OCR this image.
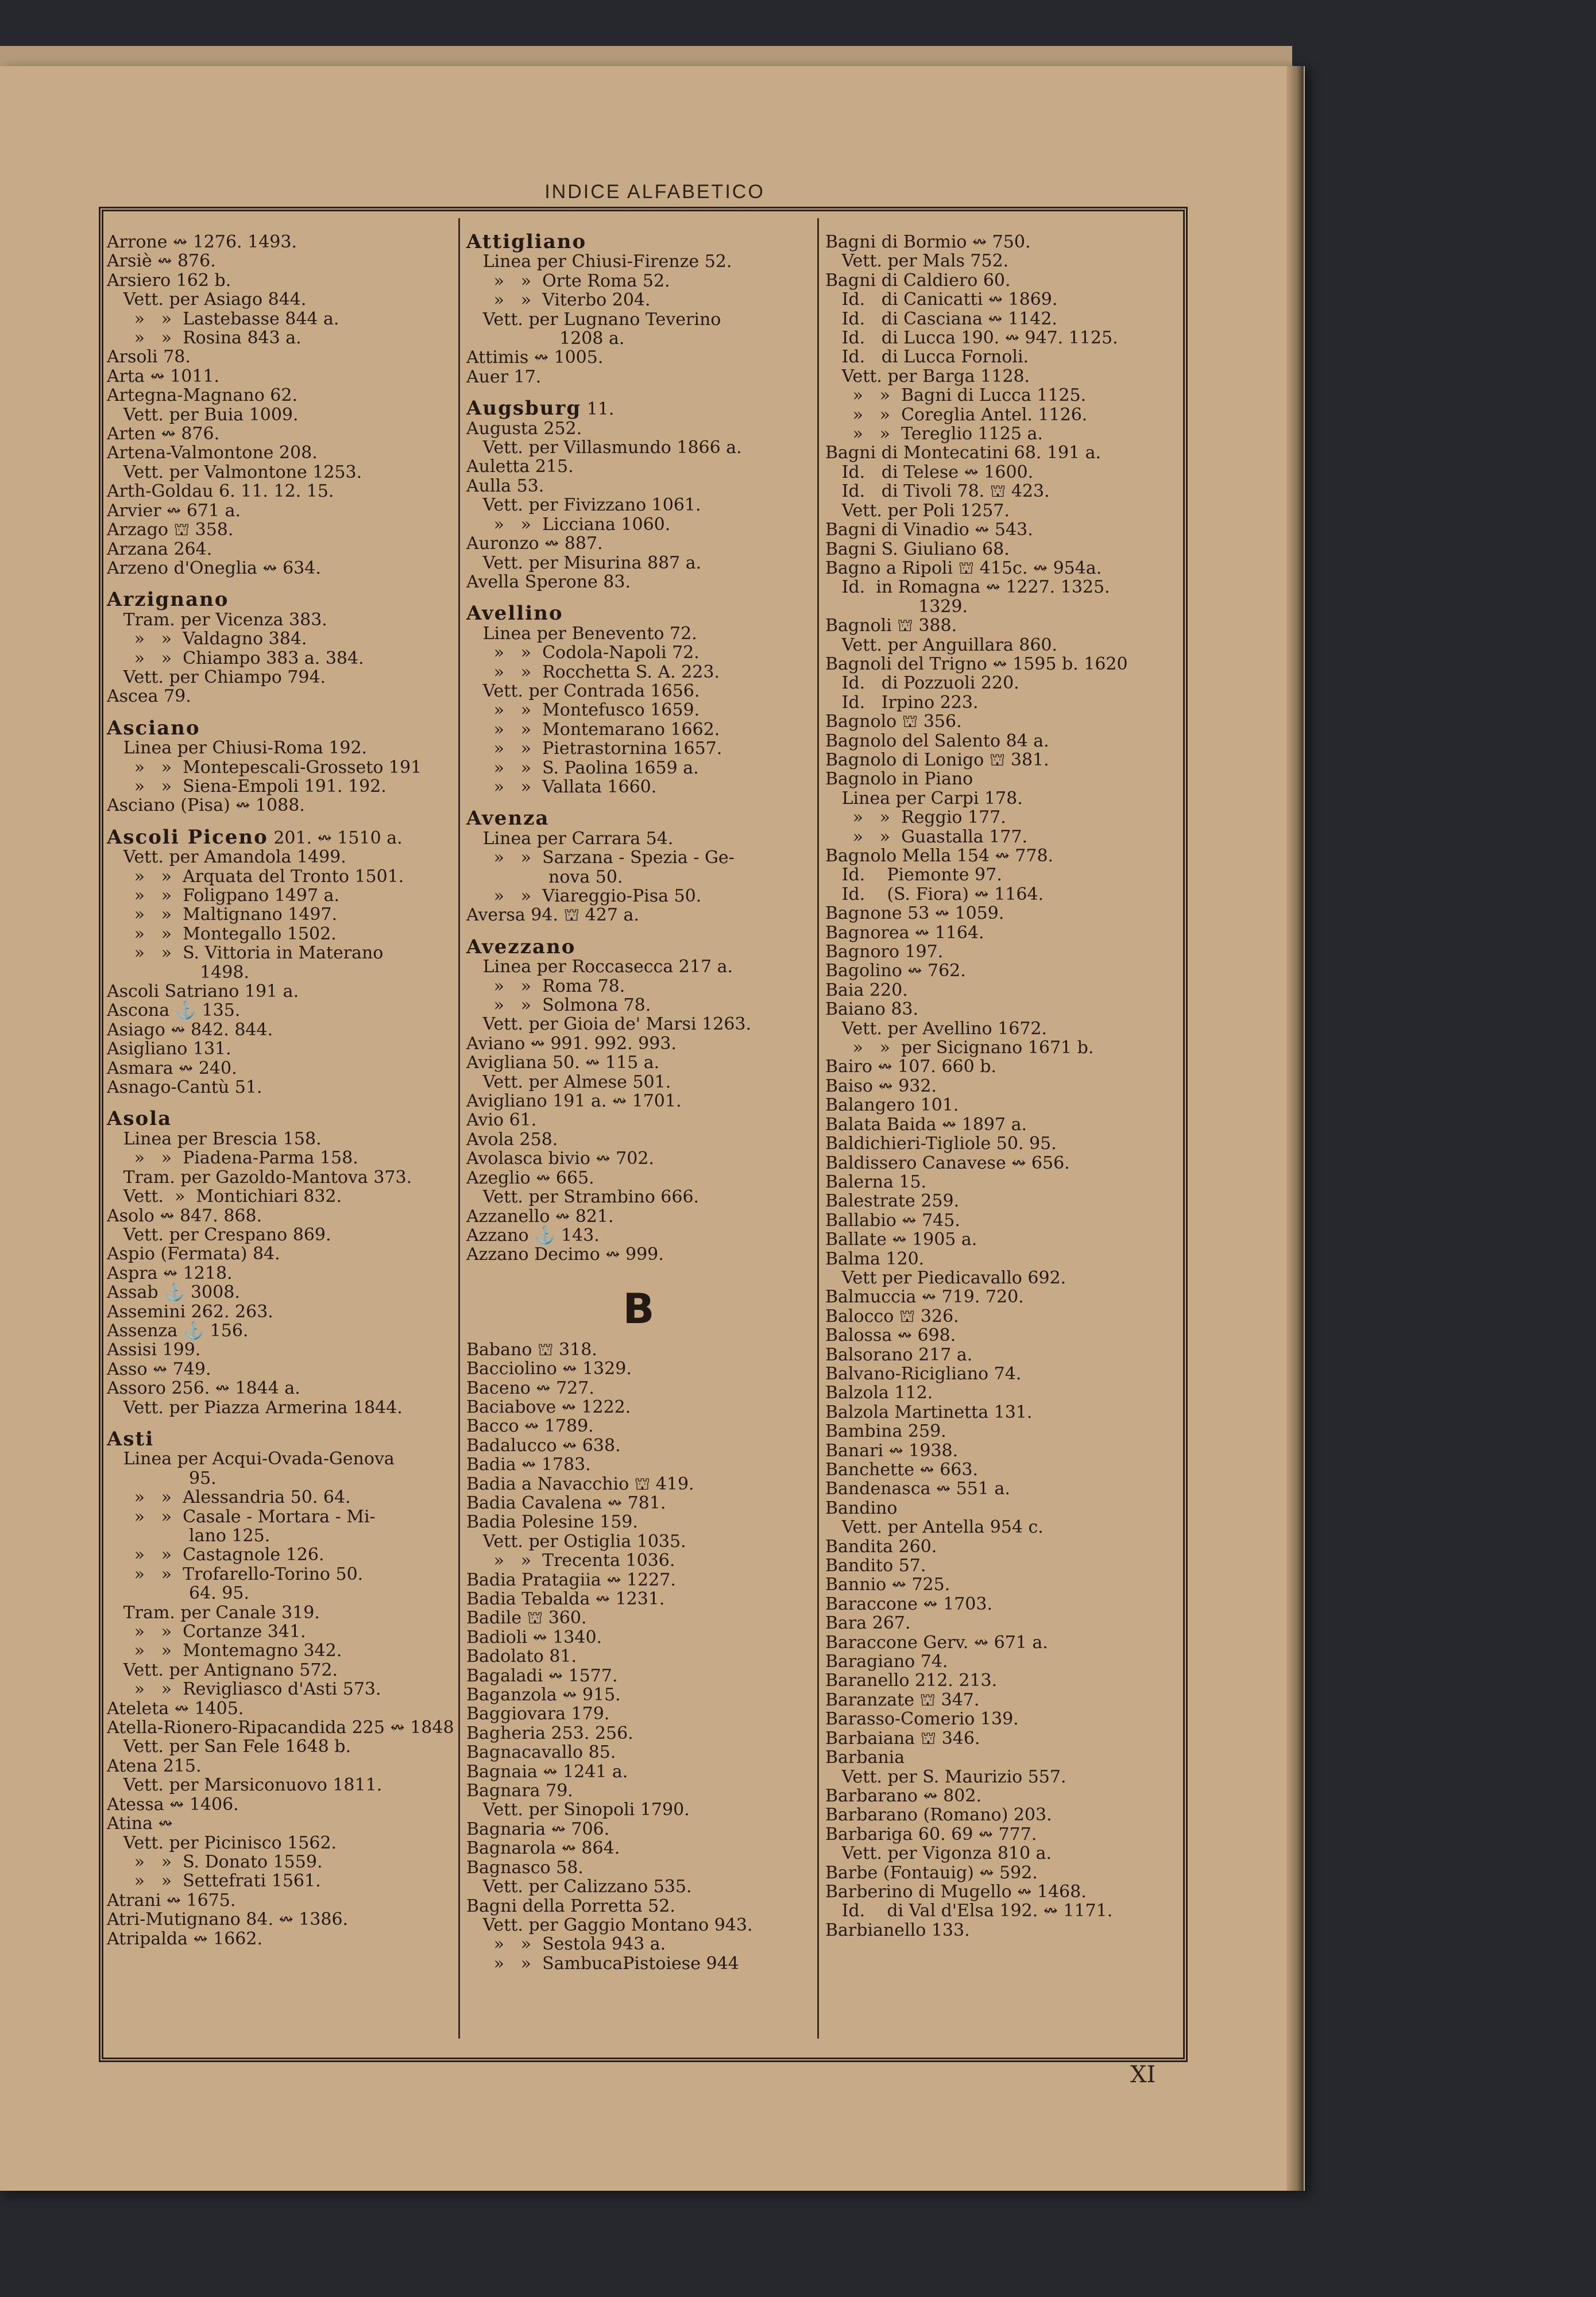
INDICE ALFABETICO
Arrone ↭ 1276. 1493.
Arsiè ↭ 876.
Arsiero 162 b.
Vett. per Asiago 844.
»   »  Lastebasse 844 a.
»   »  Rosina 843 a.
Arsoli 78.
Arta ↭ 1011.
Artegna-Magnano 62.
Vett. per Buia 1009.
Arten ↭ 876.
Artena-Valmontone 208.
Vett. per Valmontone 1253.
Arth-Goldau 6. 11. 12. 15.
Arvier ↭ 671 a.
Arzago ⛫ 358.
Arzana 264.
Arzeno d'Oneglia ↭ 634.
Arzignano
Tram. per Vicenza 383.
»   »  Valdagno 384.
»   »  Chiampo 383 a. 384.
Vett. per Chiampo 794.
Ascea 79.
Asciano
Linea per Chiusi-Roma 192.
»   »  Montepescali-Grosseto 191
»   »  Siena-Empoli 191. 192.
Asciano (Pisa) ↭ 1088.
Ascoli Piceno 201. ↭ 1510 a.
Vett. per Amandola 1499.
»   »  Arquata del Tronto 1501.
»   »  Foligpano 1497 a.
»   »  Maltignano 1497.
»   »  Montegallo 1502.
»   »  S. Vittoria in Materano
1498.
Ascoli Satriano 191 a.
Ascona ⚓ 135.
Asiago ↭ 842. 844.
Asigliano 131.
Asmara ↭ 240.
Asnago-Cantù 51.
Asola
Linea per Brescia 158.
»   »  Piadena-Parma 158.
Tram. per Gazoldo-Mantova 373.
Vett.  »  Montichiari 832.
Asolo ↭ 847. 868.
Vett. per Crespano 869.
Aspio (Fermata) 84.
Aspra ↭ 1218.
Assab ⚓ 3008.
Assemini 262. 263.
Assenza ⚓ 156.
Assisi 199.
Asso ↭ 749.
Assoro 256. ↭ 1844 a.
Vett. per Piazza Armerina 1844.
Asti
Linea per Acqui-Ovada-Genova
95.
»   »  Alessandria 50. 64.
»   »  Casale - Mortara - Mi-
lano 125.
»   »  Castagnole 126.
»   »  Trofarello-Torino 50.
64. 95.
Tram. per Canale 319.
»   »  Cortanze 341.
»   »  Montemagno 342.
Vett. per Antignano 572.
»   »  Revigliasco d'Asti 573.
Ateleta ↭ 1405.
Atella-Rionero-Ripacandida 225 ↭ 1848
Vett. per San Fele 1648 b.
Atena 215.
Vett. per Marsiconuovo 1811.
Atessa ↭ 1406.
Atina ↭
Vett. per Picinisco 1562.
»   »  S. Donato 1559.
»   »  Settefrati 1561.
Atrani ↭ 1675.
Atri-Mutignano 84. ↭ 1386.
Atripalda ↭ 1662.
Attigliano
Linea per Chiusi-Firenze 52.
»   »  Orte Roma 52.
»   »  Viterbo 204.
Vett. per Lugnano Teverino
1208 a.
Attimis ↭ 1005.
Auer 17.
Augsburg 11.
Augusta 252.
Vett. per Villasmundo 1866 a.
Auletta 215.
Aulla 53.
Vett. per Fivizzano 1061.
»   »  Licciana 1060.
Auronzo ↭ 887.
Vett. per Misurina 887 a.
Avella Sperone 83.
Avellino
Linea per Benevento 72.
»   »  Codola-Napoli 72.
»   »  Rocchetta S. A. 223.
Vett. per Contrada 1656.
»   »  Montefusco 1659.
»   »  Montemarano 1662.
»   »  Pietrastornina 1657.
»   »  S. Paolina 1659 a.
»   »  Vallata 1660.
Avenza
Linea per Carrara 54.
»   »  Sarzana - Spezia - Ge-
nova 50.
»   »  Viareggio-Pisa 50.
Aversa 94. ⛫ 427 a.
Avezzano
Linea per Roccasecca 217 a.
»   »  Roma 78.
»   »  Solmona 78.
Vett. per Gioia de' Marsi 1263.
Aviano ↭ 991. 992. 993.
Avigliana 50. ↭ 115 a.
Vett. per Almese 501.
Avigliano 191 a. ↭ 1701.
Avio 61.
Avola 258.
Avolasca bivio ↭ 702.
Azeglio ↭ 665.
Vett. per Strambino 666.
Azzanello ↭ 821.
Azzano ⚓ 143.
Azzano Decimo ↭ 999.
B
Babano ⛫ 318.
Bacciolino ↭ 1329.
Baceno ↭ 727.
Baciabove ↭ 1222.
Bacco ↭ 1789.
Badalucco ↭ 638.
Badia ↭ 1783.
Badia a Navacchio ⛫ 419.
Badia Cavalena ↭ 781.
Badia Polesine 159.
Vett. per Ostiglia 1035.
»   »  Trecenta 1036.
Badia Pratagiia ↭ 1227.
Badia Tebalda ↭ 1231.
Badile ⛫ 360.
Badioli ↭ 1340.
Badolato 81.
Bagaladi ↭ 1577.
Baganzola ↭ 915.
Baggiovara 179.
Bagheria 253. 256.
Bagnacavallo 85.
Bagnaia ↭ 1241 a.
Bagnara 79.
Vett. per Sinopoli 1790.
Bagnaria ↭ 706.
Bagnarola ↭ 864.
Bagnasco 58.
Vett. per Calizzano 535.
Bagni della Porretta 52.
Vett. per Gaggio Montano 943.
»   »  Sestola 943 a.
»   »  SambucaPistoiese 944
Bagni di Bormio ↭ 750.
Vett. per Mals 752.
Bagni di Caldiero 60.
Id.   di Canicatti ↭ 1869.
Id.   di Casciana ↭ 1142.
Id.   di Lucca 190. ↭ 947. 1125.
Id.   di Lucca Fornoli.
Vett. per Barga 1128.
»   »  Bagni di Lucca 1125.
»   »  Coreglia Antel. 1126.
»   »  Tereglio 1125 a.
Bagni di Montecatini 68. 191 a.
Id.   di Telese ↭ 1600.
Id.   di Tivoli 78. ⛫ 423.
Vett. per Poli 1257.
Bagni di Vinadio ↭ 543.
Bagni S. Giuliano 68.
Bagno a Ripoli ⛫ 415c. ↭ 954a.
Id.  in Romagna ↭ 1227. 1325.
1329.
Bagnoli ⛫ 388.
Vett. per Anguillara 860.
Bagnoli del Trigno ↭ 1595 b. 1620
Id.   di Pozzuoli 220.
Id.   Irpino 223.
Bagnolo ⛫ 356.
Bagnolo del Salento 84 a.
Bagnolo di Lonigo ⛫ 381.
Bagnolo in Piano
Linea per Carpi 178.
»   »  Reggio 177.
»   »  Guastalla 177.
Bagnolo Mella 154 ↭ 778.
Id.    Piemonte 97.
Id.    (S. Fiora) ↭ 1164.
Bagnone 53 ↭ 1059.
Bagnorea ↭ 1164.
Bagnoro 197.
Bagolino ↭ 762.
Baia 220.
Baiano 83.
Vett. per Avellino 1672.
»   »  per Sicignano 1671 b.
Bairo ↭ 107. 660 b.
Baiso ↭ 932.
Balangero 101.
Balata Baida ↭ 1897 a.
Baldichieri-Tigliole 50. 95.
Baldissero Canavese ↭ 656.
Balerna 15.
Balestrate 259.
Ballabio ↭ 745.
Ballate ↭ 1905 a.
Balma 120.
Vett per Piedicavallo 692.
Balmuccia ↭ 719. 720.
Balocco ⛫ 326.
Balossa ↭ 698.
Balsorano 217 a.
Balvano-Ricigliano 74.
Balzola 112.
Balzola Martinetta 131.
Bambina 259.
Banari ↭ 1938.
Banchette ↭ 663.
Bandenasca ↭ 551 a.
Bandino
Vett. per Antella 954 c.
Bandita 260.
Bandito 57.
Bannio ↭ 725.
Baraccone ↭ 1703.
Bara 267.
Baraccone Gerv. ↭ 671 a.
Baragiano 74.
Baranello 212. 213.
Baranzate ⛫ 347.
Barasso-Comerio 139.
Barbaiana ⛫ 346.
Barbania
Vett. per S. Maurizio 557.
Barbarano ↭ 802.
Barbarano (Romano) 203.
Barbariga 60. 69 ↭ 777.
Vett. per Vigonza 810 a.
Barbe (Fontauig) ↭ 592.
Barberino di Mugello ↭ 1468.
Id.    di Val d'Elsa 192. ↭ 1171.
Barbianello 133.
XI
